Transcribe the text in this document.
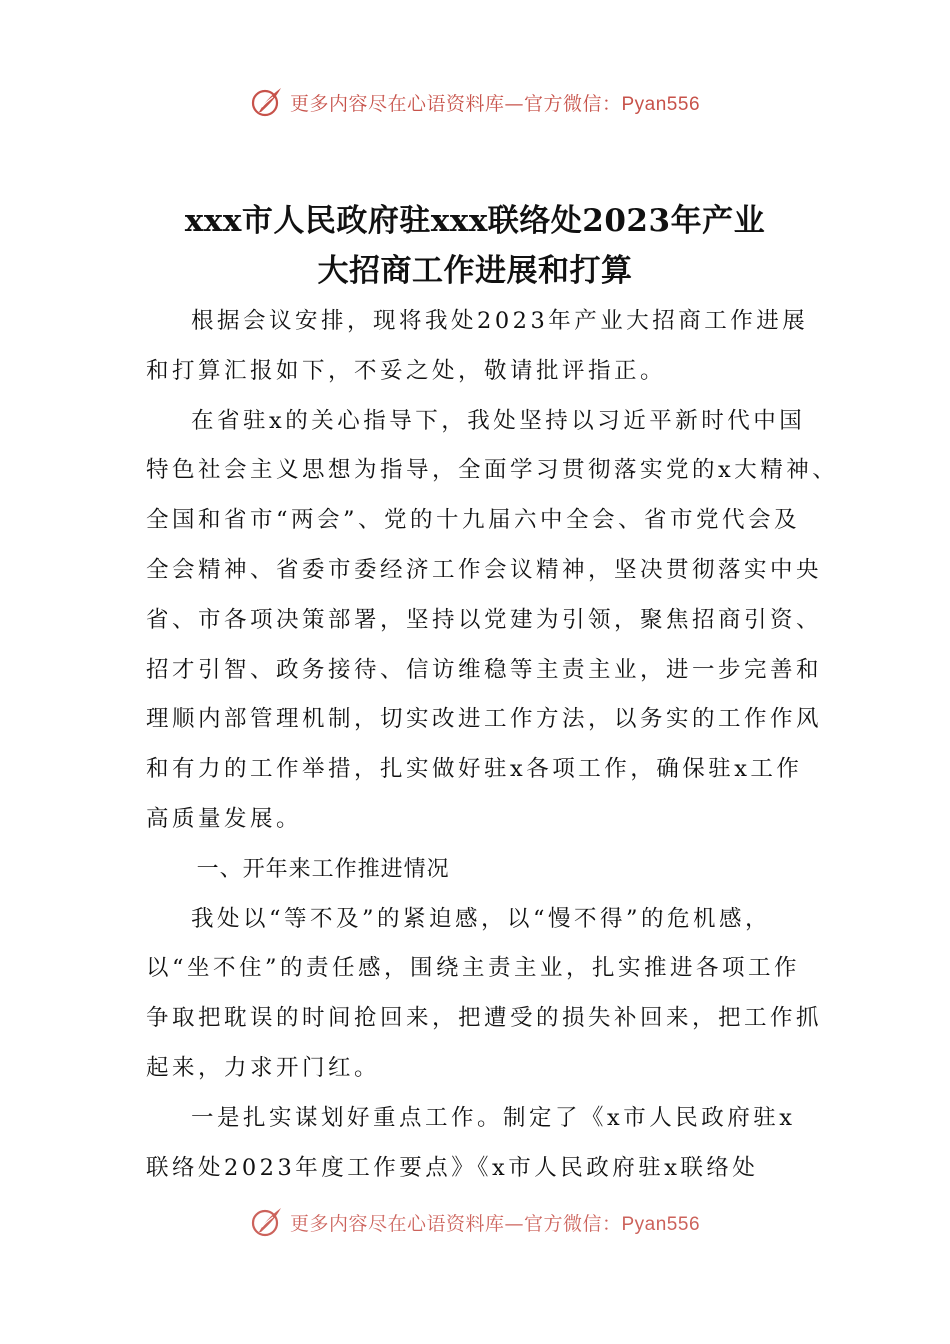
更多内容尽在心语资料库—官方微信：Pyan556
xxx市人民政府驻xxx联络处2023年产业
大招商工作进展和打算

根据会议安排，现将我处2023年产业大招商工作进展
和打算汇报如下，不妥之处，敬请批评指正。

在省驻x的关心指导下，我处坚持以习近平新时代中国
特色社会主义思想为指导，全面学习贯彻落实党的x大精神、
全国和省市“两会”、党的十九届六中全会、省市党代会及
全会精神、省委市委经济工作会议精神，坚决贯彻落实中央
省、市各项决策部署，坚持以党建为引领，聚焦招商引资、
招才引智、政务接待、信访维稳等主责主业，进一步完善和
理顺内部管理机制，切实改进工作方法，以务实的工作作风
和有力的工作举措，扎实做好驻x各项工作，确保驻x工作
高质量发展。

一、开年来工作推进情况

我处以“等不及”的紧迫感，以“慢不得”的危机感，
以“坐不住”的责任感，围绕主责主业，扎实推进各项工作
争取把耽误的时间抢回来，把遭受的损失补回来，把工作抓
起来，力求开门红。

一是扎实谋划好重点工作。制定了《x市人民政府驻x
联络处2023年度工作要点》《x市人民政府驻x联络处

更多内容尽在心语资料库—官方微信：Pyan556
